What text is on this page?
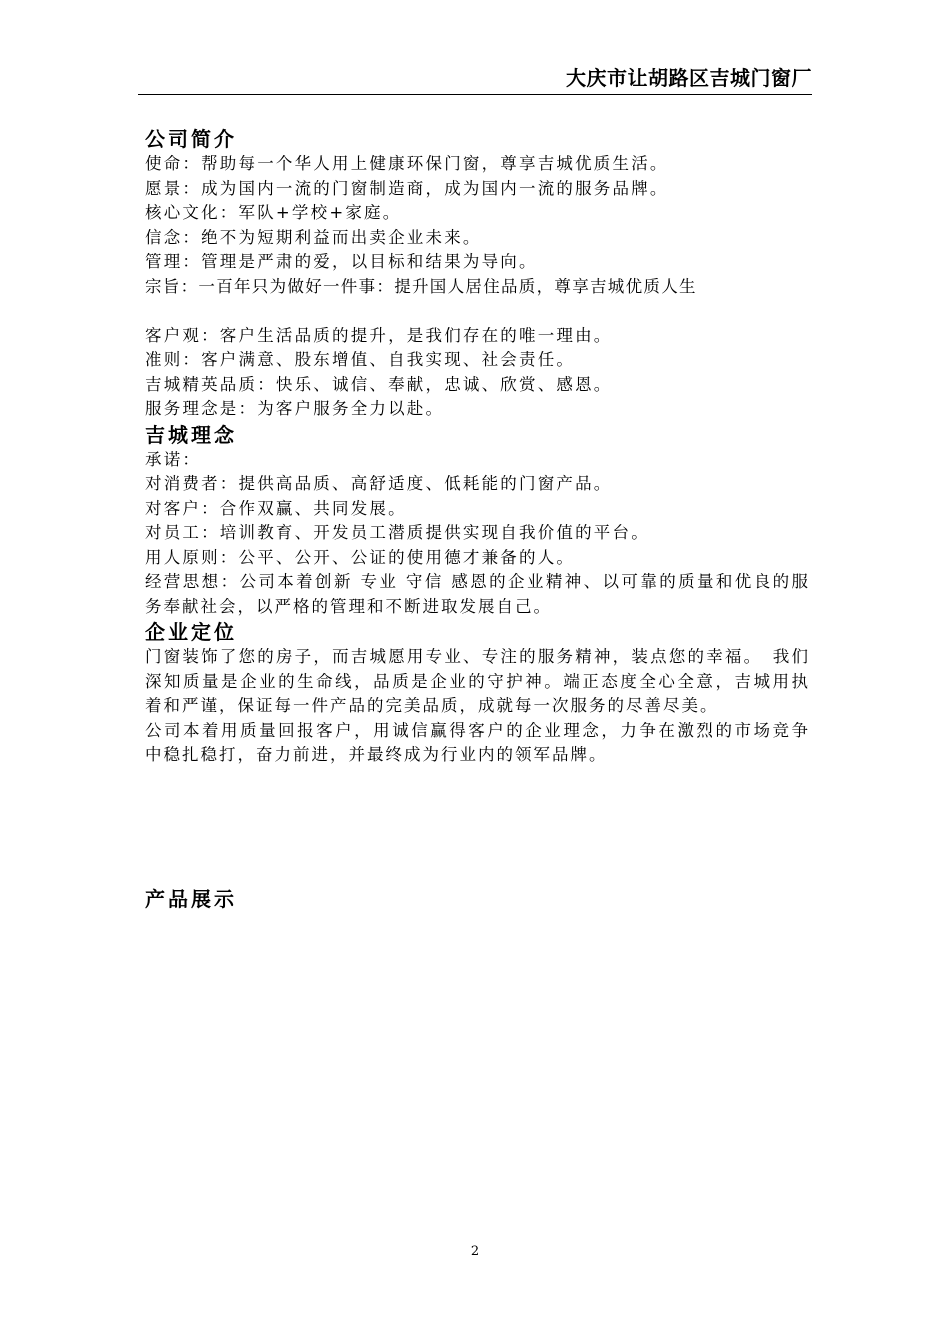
大庆市让胡路区吉城门窗厂
公司简介
使命：帮助每一个华人用上健康环保门窗，尊享吉城优质生活。
愿景：成为国内一流的门窗制造商，成为国内一流的服务品牌。
核心文化：军队+学校+家庭。
信念：绝不为短期利益而出卖企业未来。
管理：管理是严肃的爱，以目标和结果为导向。
宗旨：一百年只为做好一件事：提升国人居住品质，尊享吉城优质人生
客户观：客户生活品质的提升，是我们存在的唯一理由。
准则：客户满意、股东增值、自我实现、社会责任。
吉城精英品质：快乐、诚信、奉献，忠诚、欣赏、感恩。
服务理念是：为客户服务全力以赴。
吉城理念
承诺：
对消费者：提供高品质、高舒适度、低耗能的门窗产品。
对客户：合作双赢、共同发展。
对员工：培训教育、开发员工潜质提供实现自我价值的平台。
用人原则：公平、公开、公证的使用德才兼备的人。
经营思想：公司本着创新 专业 守信 感恩的企业精神、以可靠的质量和优良的服务奉献社会，以严格的管理和不断进取发展自己。
企业定位
门窗装饰了您的房子，而吉城愿用专业、专注的服务精神，装点您的幸福。　我们深知质量是企业的生命线，品质是企业的守护神。端正态度全心全意，吉城用执着和严谨，保证每一件产品的完美品质，成就每一次服务的尽善尽美。
公司本着用质量回报客户，用诚信赢得客户的企业理念，力争在激烈的市场竞争中稳扎稳打，奋力前进，并最终成为行业内的领军品牌。
产品展示
2
